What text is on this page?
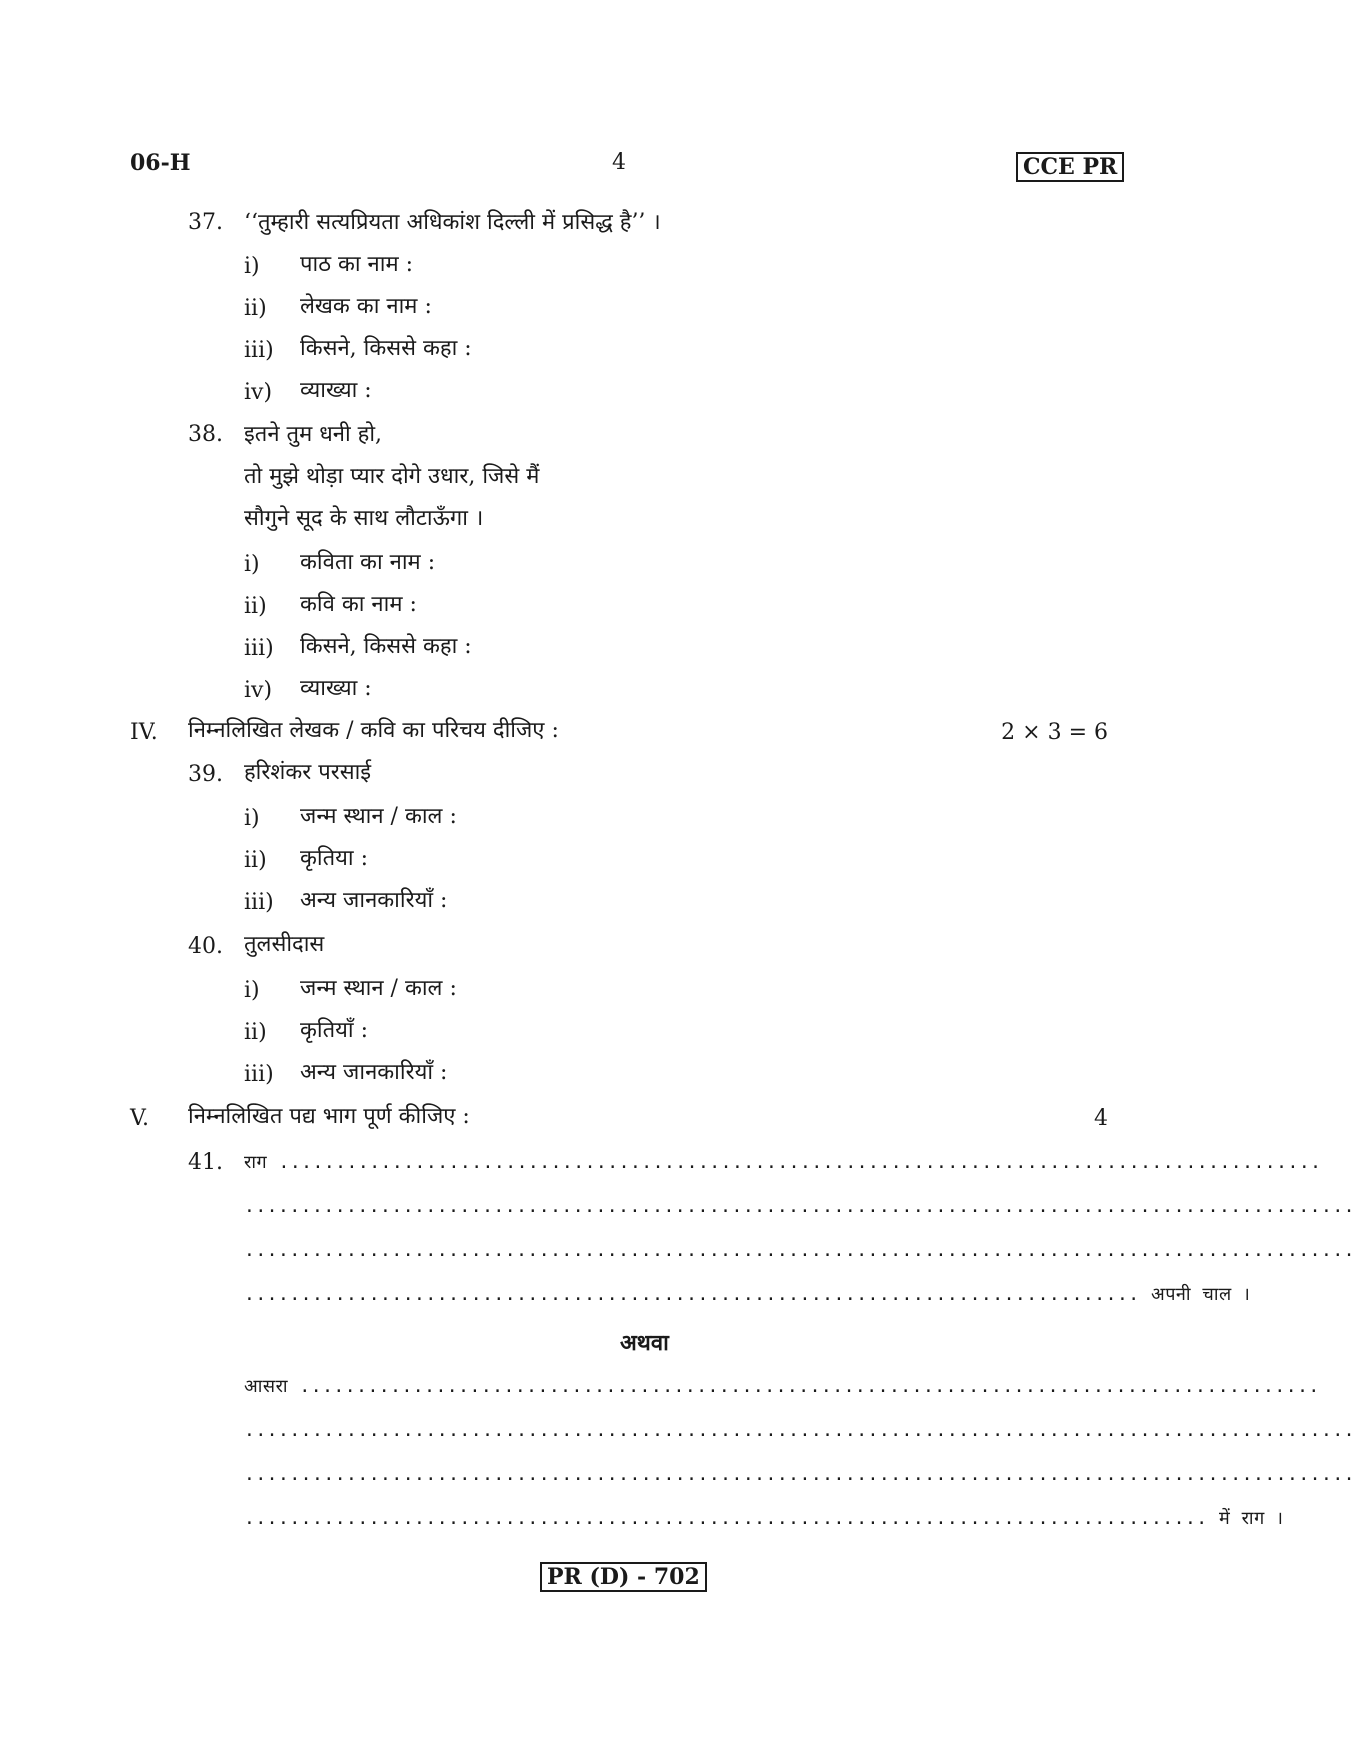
06-H	4	CCE PR
37. ‘‘तुम्हारी सत्यप्रियता अधिकांश दिल्ली में प्रसिद्ध है’’ ।
i) पाठ का नाम :
ii) लेखक का नाम :
iii) किसने, किससे कहा :
iv) व्याख्या :
38. इतने तुम धनी हो,
तो मुझे थोड़ा प्यार दोगे उधार, जिसे मैं
सौगुने सूद के साथ लौटाऊँगा ।
i) कविता का नाम :
ii) कवि का नाम :
iii) किसने, किससे कहा :
iv) व्याख्या :
IV. निम्नलिखित लेखक / कवि का परिचय दीजिए :	2 × 3 = 6
39. हरिशंकर परसाई
i) जन्म स्थान / काल :
ii) कृतिया :
iii) अन्य जानकारियाँ :
40. तुलसीदास
i) जन्म स्थान / काल :
ii) कृतियाँ :
iii) अन्य जानकारियाँ :
V. निम्नलिखित पद्य भाग पूर्ण कीजिए :	4
41. राग ............................................................................................
..................................................................................................
..................................................................................................
............................................................................... अपनी चाल ।
अथवा
आसरा ..........................................................................................
..................................................................................................
..................................................................................................
..................................................................................... में राग ।
PR (D) - 702
